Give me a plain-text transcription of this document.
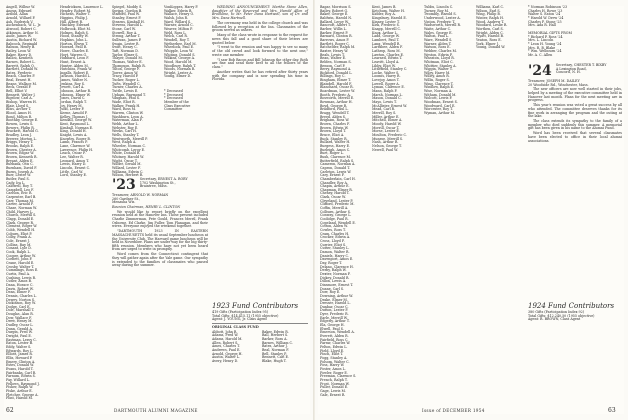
Angell, Wilbur W.
Angus, Edward
Arnold, Allan
Arnold, Willard F.
Ash, Roderick V.
Aschenbach, W. L. Jr.
Atwood, Robert C.
Atkinson, Arthur N.
Aude, James W.
Austin, Richard W.
Babcock, Reginald
Babson, Henry B.
Bailey, Leon W.
Baker, Harry D.
Ballou, Kenneth
Barnes, Robert L.
Barrett, Ralph O.
Bartlett, Donald W.
Bates, Frederic
Beach, Charles F.
Beal, Ernest H.
Beane, Wallace M.
Beck, Gerald F.
Bell, Elliot V.
Bennett, Walter J.
Bigelow, Carl A.
Bishop, Warren H.
Blair, Lloyd S.
Bliss, Archer T.
Blood, Amos H.
Bond, Milton R.
Boothby, George E.
Bowen, Lewis S.
Bowers, Philip R.
Brackett, Harold G.
Bradley, Leon J.
Brewer, Morton L.
Briggs, Henry T.
Brooks, Ralph E.
Brown, Chester A.
Brown, Edgar W.
Brown, Kenneth R.
Bryant, Alden E.
Burbank, Otis C.
Burnham, David F.
Burns, Joseph A.
Burr, Lester W.
Butler, Paul S.
Cady, Ira L.
Caldwell, Roy T.
Campbell, Leo F.
Carlson, Eric R.
Carpenter, Earl B.
Carr, Thomas M.
Carter, Arnold F.
Chase, Norman W.
Child, Harvey L.
Church, Merrill S.
Clapp, Donald E.
Clark, George R.
Clement, Roger W.
Cobb, Wendell H.
Coburn, Eliot P.
Colby, Frank A.
Cole, Ernest J.
Collins, Ray M.
Conant, Lyle D.
Cook, Ralph L.
Cooper, Arthur W.
Corbett, John F.
Crane, Harold E.
Crosby, Walter T.
Cummings, Ross E.
Curtis, Paul A.
Cushing, Lewis R.
Cutler, Amos B.
Dana, Horace C.
Davis, Robert W.
Dean, Elmer F.
Dennis, Charles L.
Dewey, Norton S.
Dickinson, Roy W.
Dodge, Carl E.
Dole, Marshall T.
Douglas, Alan R.
Dow, Wallace F.
Drew, Henry M.
Dudley, Oscar L.
Dunn, Gerald A.
Durgin, Fred W.
Dwight, Paul E.
Eastman, Leroy C.
Eaton, Lester B.
Eddy, Walter S.
Edwards, Roy L.
Elliott, James R.
Ellis, Howard P.
Emery, Clinton A.
Estes, Donald W.
Evans, Harold T.
Fairbanks, Carl R.
Farnum, Edwin S.
Fay, Willard L.
Fellows, Raymond J.
Fisher, Ralph W.
Fiske, Arthur E.
Fletcher, George A.
Flint, Harold M.
Hendricksen, Laurence L.
Hendry, Robert M.
Hichens, Walter T.
Higgins, Philip J.
Hill, Albert R.
Hinckley, Edward
Holbrook, Eliot M.
Holmes, Ralph S.
Hood, Stanley W.
Hopkins, John L.
Horton, Elwyn T.
Howard, Paul R.
Howe, Charles E.
Hoyt, Warren G.
Hubbard, Leon F.
Hunt, Ernest A.
Hunter, Alden M.
Hutchins, Frank W.
Ingalls, Robert E.
Jackson, Harold L.
James, Walter N.
Jenkins, Roy S.
Jewett, Carl A.
Johnson, Arthur R.
Johnson, Elmer W.
Jones, David C.
Jordan, Ralph T.
Joy, Henry M.
Judd, Lester P.
Keene, Arnold F.
Kelley, Thomas J.
Kendall, George W.
Kent, Raymond L.
Kimball, Norman E.
King, Donald H.
Knight, Lewis A.
Knowles, Roger B.
Lamb, Francis P.
Lane, Clarence W.
Lawrence, Philip H.
Leach, Oscar F.
Lee, Walter R.
Leonard, Amos T.
Lewis, Harry D.
Lincoln, Ernest C.
Little, Carl W.
Lord, Stanley E.
Spiegel, Moddy S.
Spring, Gordon B.
Stafford, Paul W.
Stanley, Ernest F.
Stearns, Kimball H.
Stevens, Harold L.
Stone, Carl W.
Stowell, Roy A.
Strong, Arthur T.
Sullivan, James P.
Swain, Lester R.
Swift, Henry C.
Taft, Norman D.
Taylor, Elmer S.
Thayer, Donald M.
Thomas, Walter E.
Thompson, Ralph R.
Tilton, George F.
Tower, Amos W.
Tracy, Harold P.
Tucker, Roger L.
Tufts, Wendell C.
Turner, Charles A.
Tuttle, Lewis E.
Upham, Raymond T.
Vaughan, Paul S.
Wade, Eliot R.
Walker, Frank H.
Ward, Ross M.
Warren, Clinton W.
Washburn, Leon A.
Waterman, Alan F.
Webb, Arthur L.
Webster, Roy E.
Weeks, Carl H.
Wells, Stanley T.
Wentworth, Merrill P.
West, Ralph A.
Wheeler, Norman C.
Whitcomb, Leroy E.
White, Donald R.
Whitney, Harold W.
Wight, Oscar T.
Wilder, Gerald M.
Willard, Lester F.
Williams, Edwin C.
Wilson, Herbert R.
VonKoppes, Harry F.
Walker, Edwin B.
Wallace, Henry O.
Walsh, John R.
Ward, Willard S.
Warner, Arnold C.
Weaver, Milton P.
Weld, Ross L.
Welch, Carl R.
Wendell, Roy T.
Wetherbee, Earl M.
Wheelock, Paul E.
Whipple, Leon W.
Whiting, Donald S.
Wilkins, George A.
Wood, Harold M.
Woodbury, Ralph T.
Woods, Norman R.
Wright, Lester A.
Young, Elmer D.
* Deceased
* Deceased
* Deceased
Member of the
Class Executive
Committee
'23 Secretary, ERNEST A. ROBY
1702 Washington St.,
Braintree, Mass.
Treasurer, ARNOLD W. NORMAN
260 Gardner St.,
Menasha Wis.
Reunion Chairman, HENRY L. CLINTON

We would like to report briefly on the excellent reunion held at the Hanover Inn. Those present included Charlie Zimmerman, Pete Gould, Frances Merril, Frank Osborne, Ed Clarke, Jim Fuller, Tom Flanagan, and their wives. Everyone enjoyed the weekend together.

"DARTMOUTH 1923 IN EASTERN MASSACHUSETTS held its usual September luncheon at the University Club. The Harvard game luncheon will be held in November. Plans are under way for the big thirty-fifth reunion. Members who have not yet been heard from are urged to write in promptly.

Word comes from the Connecticut contingent that they will gather again after the Yale game. Our sympathy is extended to the families of classmates who passed away during the summer.

WEDDING ANNOUNCEMENT: Martha Stone Allen, daughter of the Reverend and Mrs. Harold Allen of Brookline, to Mr. Peter Dana Hartwell, son of Dr. and Mrs. Dana Hartwell.

The ceremony was held in the college church and was followed by a reception at the Inn. Classmates of the groom served as ushers.

Many of the class wrote in response to the request for news this fall and a good share of their letters are quoted below.

"I went to the reunion and was happy to see so many of the old crowd and look forward to the next one," wrote one member.

"I saw Bob Bacon and Bill Johnson the other day. Both are fine and send their best to all the fellows of the class."

Another writes that he has retired after thirty years with the company and is now spending his time in Florida.

1923 Fund Contributors
419 Gifts (Participation Index 95)
Total Gifts: $14,415.11 (1955 objective)
Agent: J. YOUNG, Jr. Class Agent
ORIGINAL CLASS FUND
Abbott, John R.
Adams, Fred W.
Adams, Harold M.
Allen, Robert S.
Ames, Charles T.
Andrews, Paul E.
Arnold, George H.
Austin, Walter L.
Avery, Henry D.
Baker, Edwin R.
Ball, Herbert S.
Barker, Ross A.
Barnes, William C.
Bates, Arthur J.
Beal, Norman F.
Bell, Stanley P.
Bennett, Carl E.
Blake, Hugh T.
DARTMOUTH ALUMNI MAGAZINE
62
Bagar, Morrison S.
Bailey, Robert G.
Baker, George E.
Baldwin, Harold N.
Ballard, Leroy W.
Bancroft, Albert T.
Barber, Willis L.
Barker, Ernest P.
Barnard, Clinton R.
Barrows, Amos F.
Bartlett, Roger C.
Batchelder, Ralph M.
Baxter, Henry W.
Beals, Lewis T.
Bean, Walter E.
Belden, Norman S.
Benson, Carl P.
Berry, Raymond A.
Bickford, Donald L.
Billings, Roy C.
Bingham, Elmer T.
Blaisdell, Harold F.
Blanchard, Oscar R.
Boardman, Lester W.
Booth, Frederic A.
Bosworth, Merrill E.
Bowman, Arthur H.
Boyd, George R.
Bradford, Paul L.
Bragg, Wendell T.
Breed, Alden S.
Brigham, Ross W.
Brown, Charles F.
Brown, Edwin W.
Brown, Lloyd T.
Bruce, Eliot A.
Buck, Stanley R.
Bullard, Walter H.
Burgess, Harry E.
Burleigh, Amos C.
Burt, Roger L.
Bush, Clarence M.
Butterfield, Ralph S.
Cameron, Norman A.
Capron, Donald T.
Carleton, Lewis W.
Cary, Ernest F.
Chamberlain, Carl H.
Chandler, Roy A.
Chapin, Arthur E.
Chapman, Elmer R.
Cheney, Harold T.
Clark, Oscar W.
Cleveland, Lester P.
Clifford, Frederic M.
Coffin, Merrill A.
Colburn, Arthur S.
Conway, George L.
Coolidge, Paul R.
Copeland, Wendell E.
Cotton, Alden W.
Cowles, Ross T.
Cram, Charles H.
Crocker, Edwin A.
Cross, Lloyd F.
Currier, Eliot S.
Cutter, Stanley L.
Damon, Walter R.
Daniels, Harry C.
Davenport, Amos E.
Day, Roger T.
Delano, Clarence H.
Derby, Ralph W.
Dexter, Norman F.
Dickey, Donald R.
Dillon, Lewis A.
Dinsmore, Ernest T.
Doane, Carl S.
Dorr, Roy E.
Downing, Arthur W.
Drake, Elmer M.
Dresser, Harold L.
Dunbar, Oscar C.
Dutton, Lester F.
Dyer, Frederic R.
Earle, Merrill W.
Edgerly, Arthur T.
Ela, George H.
Elwell, Paul S.
Emerson, Wendell A.
Everett, Alden R.
Fairfield, Ross C.
Farrar, Charles W.
Felton, Edwin L.
Field, Lloyd E.
Finch, Eliot T.
Fogg, Stanley A.
Folsom, Walter C.
Foss, Harry W.
Foster, Amos L.
Fowler, Roger E.
Freeman, Clarence S.
French, Ralph T.
Frost, Norman W.
Fuller, Donald E.
Gage, Lewis M.
Gale, Ernest R.
Kent, James B.
Ketchum, Walter H.
Kidder, Roy A.
Kingsbury, Harold E.
Kinney, Lester T.
Kirk, Frederic S.
Knapp, Merrill C.
Knox, Arthur L.
Ladd, George W.
Lambert, Paul T.
Lang, Wendell R.
Larrabee, Alden F.
Lathrop, Ross M.
Lawton, Charles E.
Learned, Edwin T.
Leavitt, Lloyd A.
Libby, Eliot W.
Littlefield, Stanley C.
Locke, Walter S.
Loomis, Harry R.
Lovejoy, Amos T.
Lowell, Roger A.
Lyman, Clarence E.
Mann, Ralph F.
Marsh, Norman L.
Mason, Donald C.
Mayo, Lewis T.
McAllister, Ernest W.
Mead, Carl R.
Merrill, Roy S.
Miller, Arthur E.
Mitchell, Elmer A.
Moody, Harold W.
Morrill, Oscar T.
Morse, Lester E.
Moulton, Frederic C.
Munroe, Merrill S.
Nash, Arthur R.
Nelson, George T.
Newell, Paul W.
Tubbs, Lincoln C.
Turner, Roy M.
Twombly, Harold S.
Underwood, Lester A.
Vinton, Frederic T.
Wadsworth, Merrill R.
Waite, Arthur C.
Wales, George E.
Walton, Paul L.
Ware, Wendell S.
Warner, Alden T.
Watson, Ross E.
Webber, Charles M.
Weston, Edwin F.
Wheaton, Lloyd R.
Whitman, Eliot C.
Whittier, Stanley A.
Wiggin, Walter T.
Wiley, Harry M.
Willey, Amos R.
Willis, Roger S.
Wing, Clarence T.
Winslow, Ralph E.
Wise, Norman A.
Witham, Donald M.
Wolcott, Lewis F.
Woodman, Ernest S.
Woodward, Carl E.
Worcester, Roy T.
Wyman, Arthur M.
Williams, Karl C.
Wilson, Earl S.
Wing, Philip B.
Winter, Ralph H.
Wood, Andrew T.
Woodard, Leslie R.
Worthen, Carl S.
Wright, Alden C.
Wyatt, Harold B.
Yeaton, Ross E.
York, Elmer J.
Young, Donald W.
* Norman Robinson '23
Charles H. Rowe '23
Walter S. Eaton '24
* Harold W. Drew '24
Charles F. Stone '25
Mrs. Ada R. Hall
MEMORIAL GIFTS FROM
* Richard P. Ross '24
Mrs. L. Lincoln
* Leon H. Young '24
Mrs. R. B. Blake
* Wm. Welbourn '24
Mr. A. C. Allen
'24 Secretary, CHESTER T. BIXBY
A Lexington Road,
Concord, N. H.
Treasurer, JOSEPH M. DAILEY
20 Woodside Rd., Winchester, Mass.

The new officers are now well started in their jobs, helped by a meeting of the executive committee held in Hanover last month. Plans for the next meeting are in progress.

This year's reunion was voted a great success by all who attended. The committee deserves thanks for its fine work in arranging the program and the outing at the lake.

The class extends its sympathy to the family of a member who died suddenly this summer. A memorial gift has been given in his name to the Alumni Fund.

Word has been received that several classmates have been elected to office in their local alumni associations.

1924 Fund Contributors
380 Gifts (Participation Index 92)
Total Gifts: $12,240.50 (1955 objective)
Agent: R. BROWN, Class Agent
Issue of DECEMBER 1954	63
